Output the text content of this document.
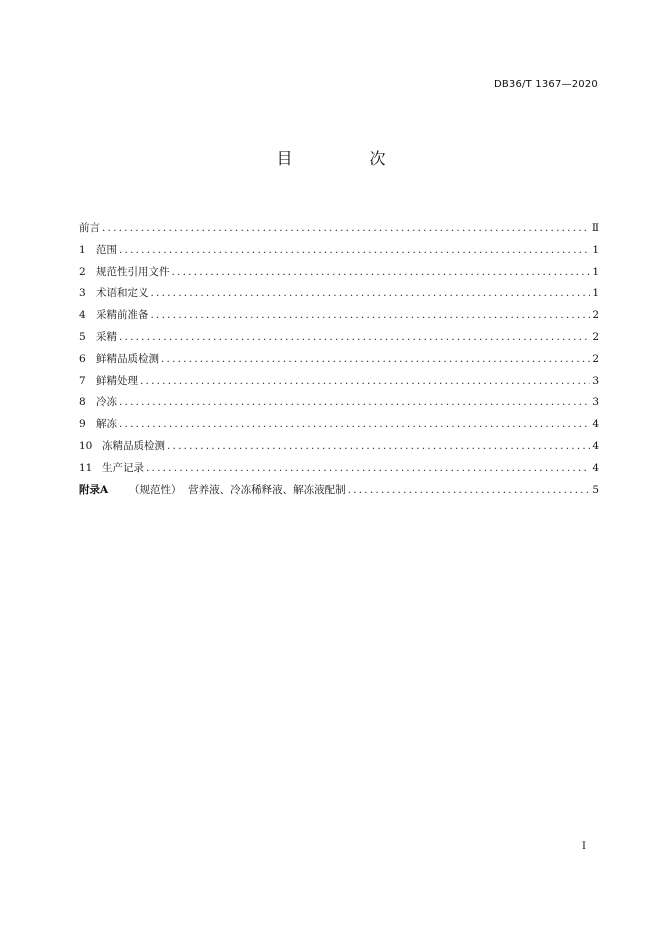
DB36/T 1367—2020
目 次
前言 .....	Ⅱ
1 范围 .....	1
2 规范性引用文件 .....	1
3 术语和定义 .....	1
4 采精前准备 .....	2
5 采精 .....	2
6 鲜精品质检测 .....	2
7 鲜精处理 .....	3
8 冷冻 .....	3
9 解冻 .....	4
10 冻精品质检测 .....	4
11 生产记录 .....	4
附录A	（规范性）  营养液、冷冻稀释液、解冻液配制 .....	5
I
